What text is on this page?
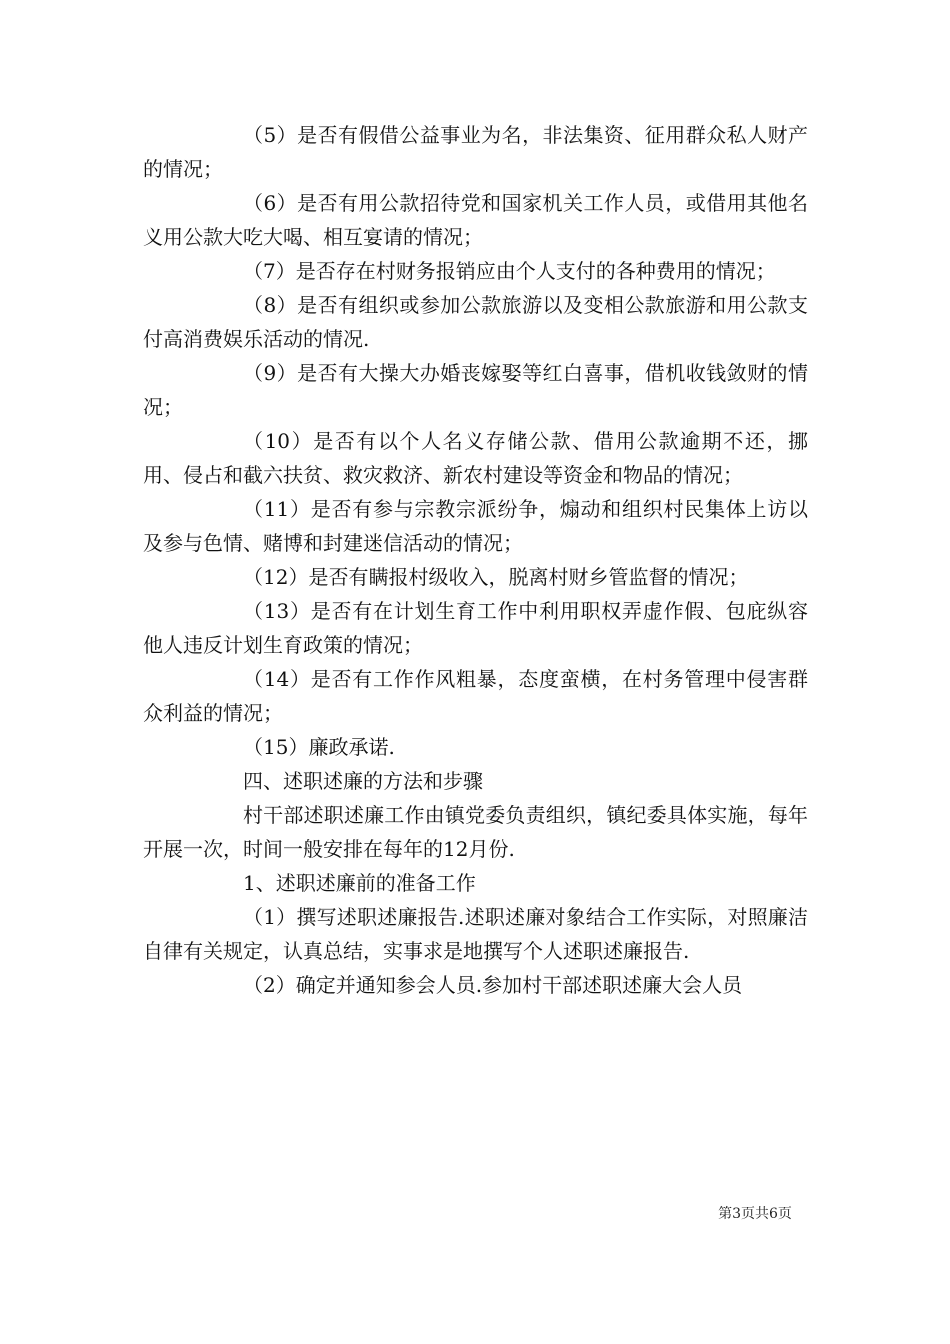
（5）是否有假借公益事业为名，非法集资、征用群众私人财产的情况；

（6）是否有用公款招待党和国家机关工作人员，或借用其他名义用公款大吃大喝、相互宴请的情况；

（7）是否存在村财务报销应由个人支付的各种费用的情况；

（8）是否有组织或参加公款旅游以及变相公款旅游和用公款支付高消费娱乐活动的情况.

（9）是否有大操大办婚丧嫁娶等红白喜事，借机收钱敛财的情况；

（10）是否有以个人名义存储公款、借用公款逾期不还，挪用、侵占和截六扶贫、救灾救济、新农村建设等资金和物品的情况；

（11）是否有参与宗教宗派纷争，煽动和组织村民集体上访以及参与色情、赌博和封建迷信活动的情况；

（12）是否有瞒报村级收入，脱离村财乡管监督的情况；

（13）是否有在计划生育工作中利用职权弄虚作假、包庇纵容他人违反计划生育政策的情况；

（14）是否有工作作风粗暴，态度蛮横，在村务管理中侵害群众利益的情况；

（15）廉政承诺.

四、述职述廉的方法和步骤

村干部述职述廉工作由镇党委负责组织，镇纪委具体实施，每年开展一次，时间一般安排在每年的12月份.

1、述职述廉前的准备工作

（1）撰写述职述廉报告.述职述廉对象结合工作实际，对照廉洁自律有关规定，认真总结，实事求是地撰写个人述职述廉报告.

（2）确定并通知参会人员.参加村干部述职述廉大会人员

第3页共6页
